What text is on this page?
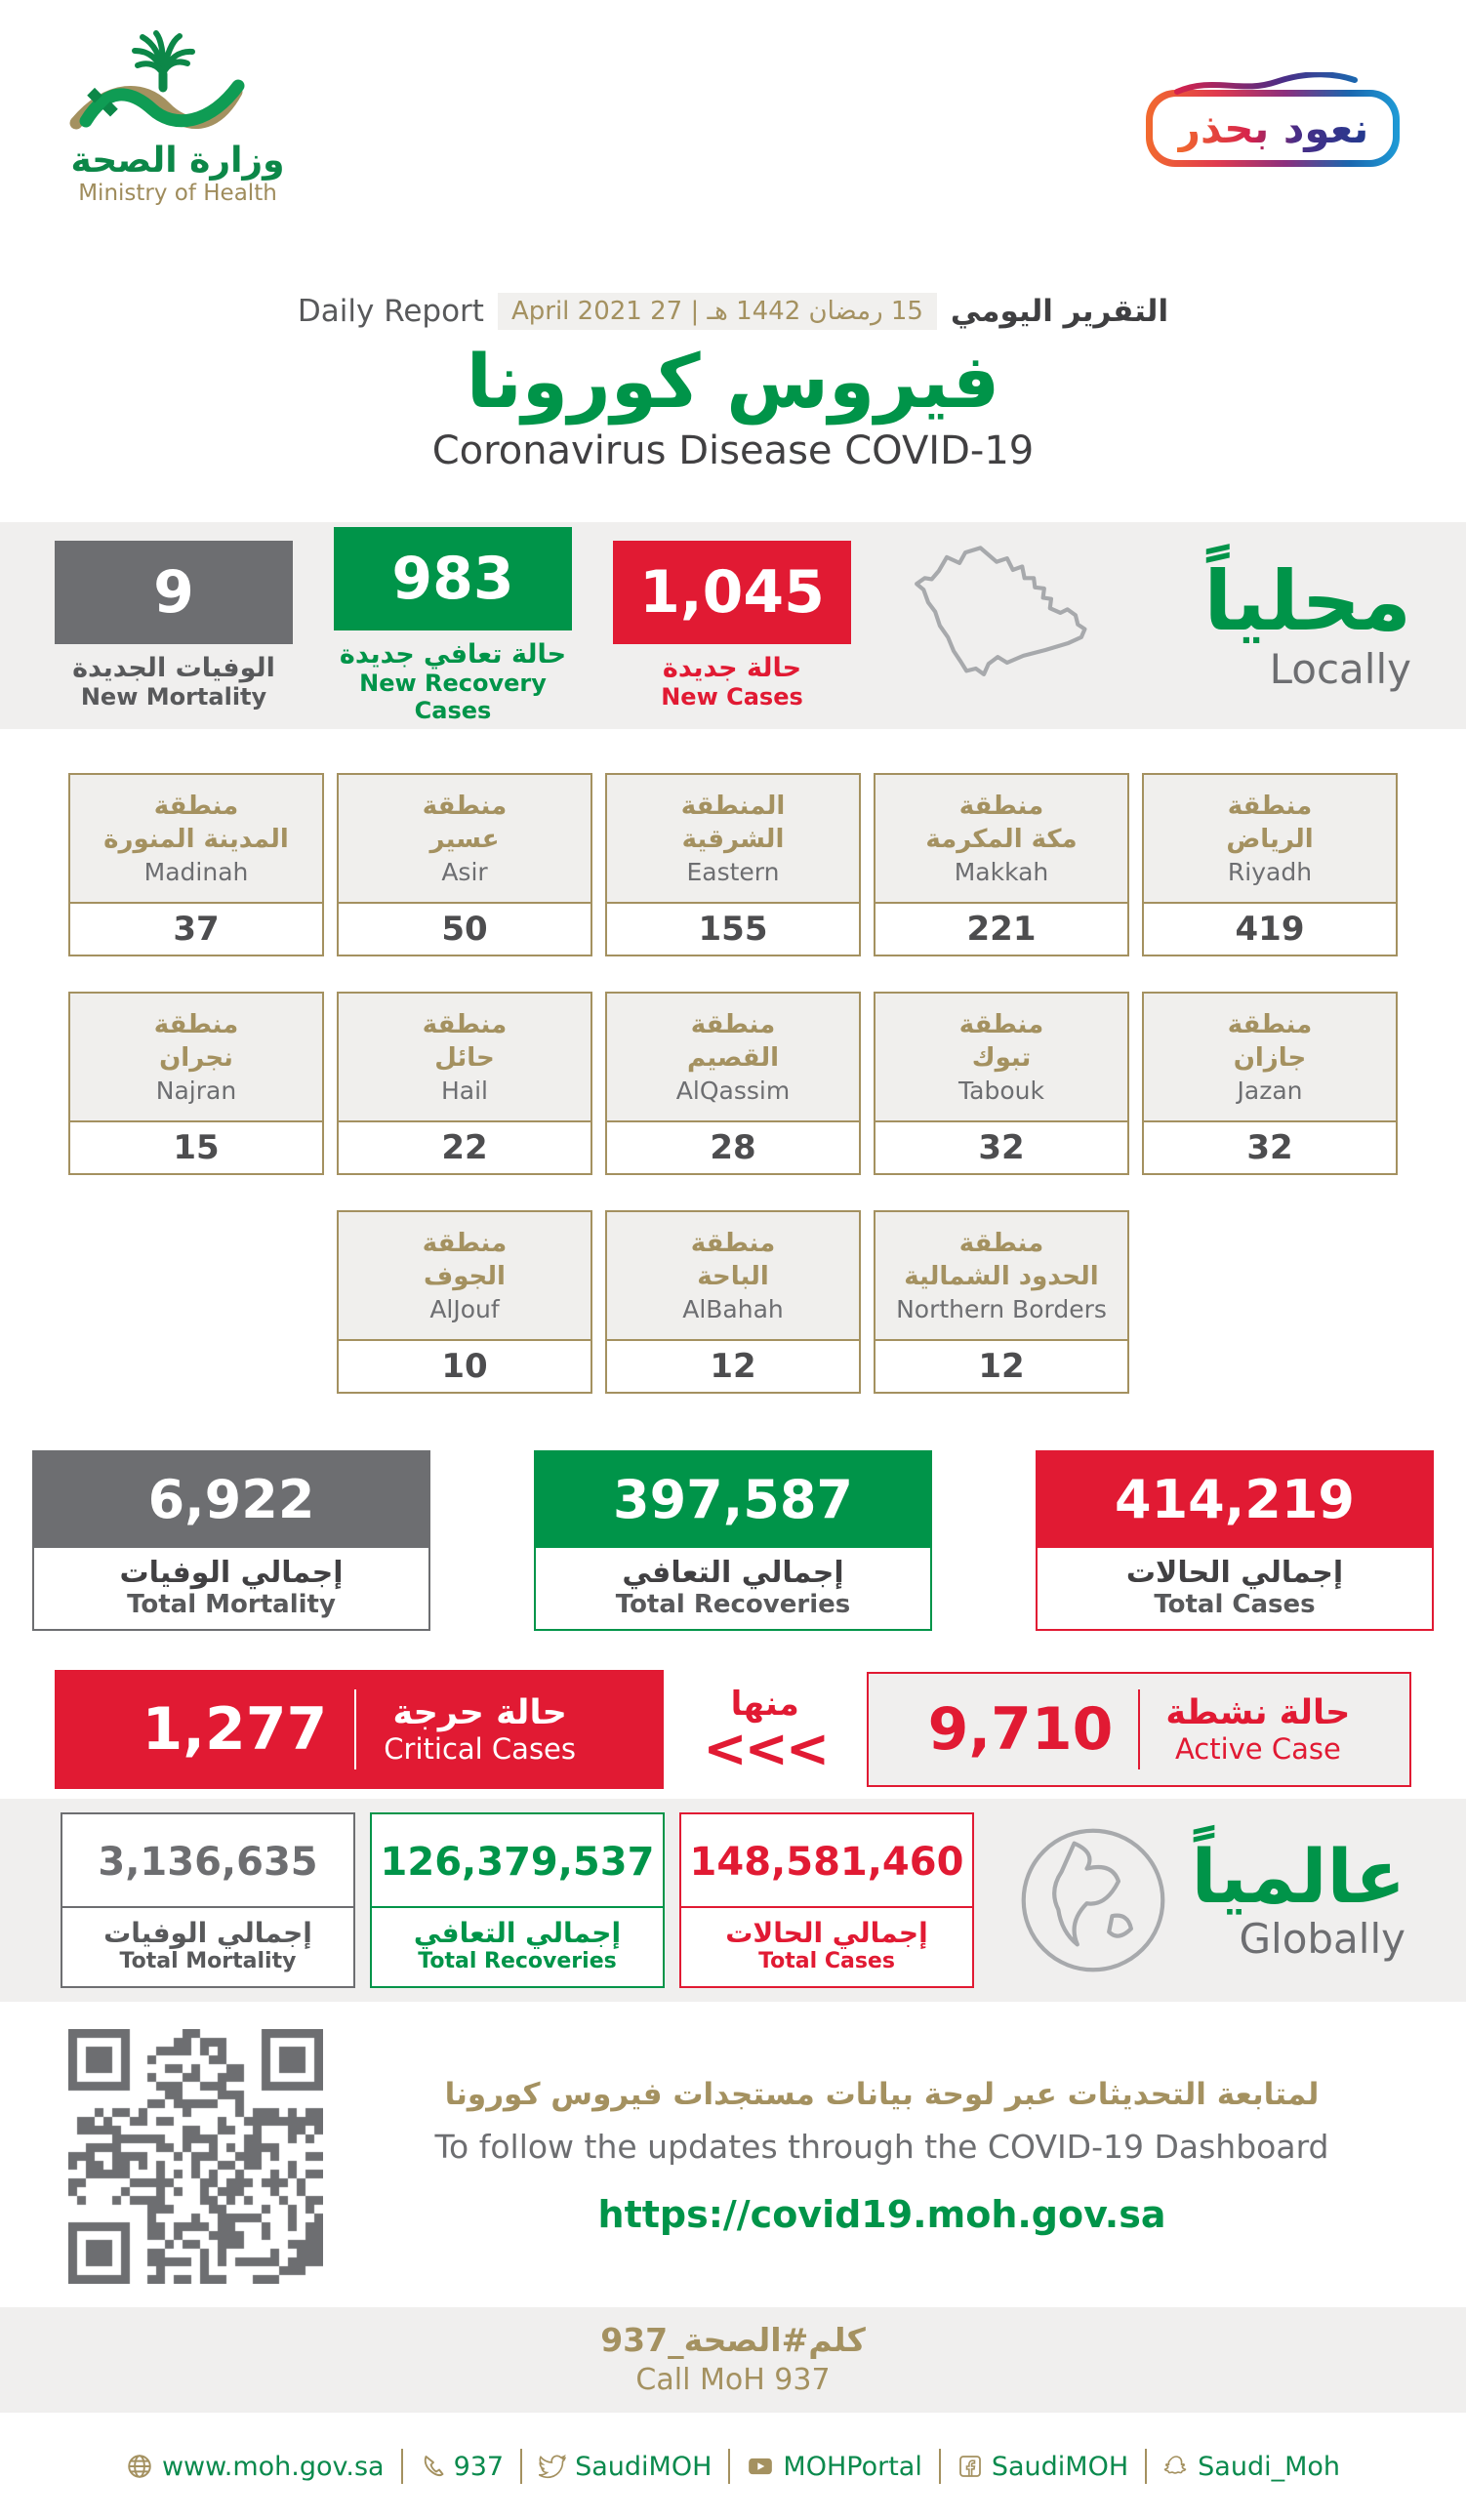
وزارة الصحة
Ministry of Health
نعود بحذر
Daily Report	15 رمضان 1442 هـ | 27 April 2021 التقرير اليومي
فيروس كورونا
Coronavirus Disease COVID-19
9
الوفيات الجديدة
New Mortality
983
حالة تعافي جديدة
New Recovery Cases
1,045
حالة جديدة
New Cases
محلياً
Locally
منطقة
المدينة المنورة
Madinah
37
منطقة
عسير
Asir
50
المنطقة
الشرقية
Eastern
155
منطقة
مكة المكرمة
Makkah
221
منطقة
الرياض
Riyadh
419
منطقة
نجران
Najran
15
منطقة
حائل
Hail
22
منطقة
القصيم
AlQassim
28
منطقة
تبوك
Tabouk
32
منطقة
جازان
Jazan
32
منطقة
الجوف
AlJouf
10
منطقة
الباحة
AlBahah
12
منطقة
الحدود الشمالية
Northern Borders
12
6,922
إجمالي الوفيات
Total Mortality
397,587
إجمالي التعافي
Total Recoveries
414,219
إجمالي الحالات
Total Cases
1,277 حالة حرجة
Critical Cases
منها
<<<	9,710 حالة نشطة
Active Case
3,136,635
إجمالي الوفيات
Total Mortality
126,379,537
إجمالي التعافي
Total Recoveries
148,581,460
إجمالي الحالات
Total Cases
عالمياً
Globally
لمتابعة التحديثات عبر لوحة بيانات مستجدات فيروس كورونا
To follow the updates through the COVID-19 Dashboard
https://covid19.moh.gov.sa
كلم#الصحة_937
Call MoH 937
www.moh.gov.sa	937	SaudiMOH	MOHPortal	SaudiMOH	Saudi_Moh
